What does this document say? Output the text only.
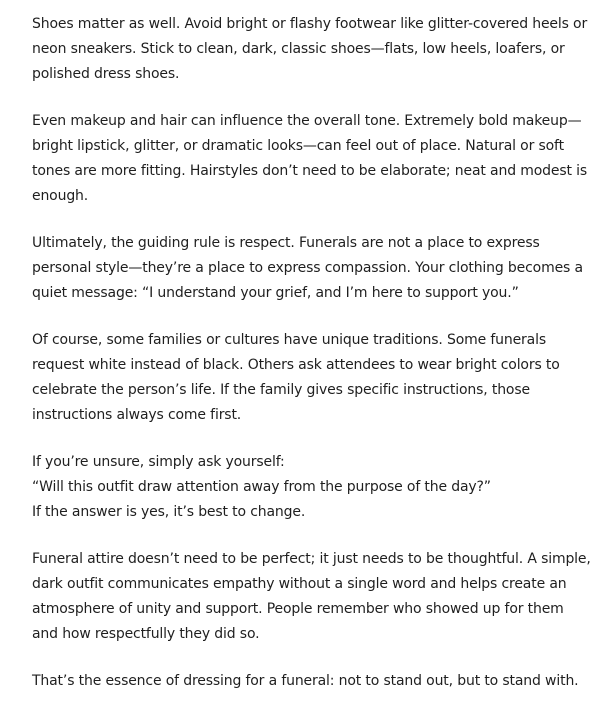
Shoes matter as well. Avoid bright or flashy footwear like glitter-covered heels or
neon sneakers. Stick to clean, dark, classic shoes—flats, low heels, loafers, or
polished dress shoes.

Even makeup and hair can influence the overall tone. Extremely bold makeup—
bright lipstick, glitter, or dramatic looks—can feel out of place. Natural or soft
tones are more fitting. Hairstyles don’t need to be elaborate; neat and modest is
enough.

Ultimately, the guiding rule is respect. Funerals are not a place to express
personal style—they’re a place to express compassion. Your clothing becomes a
quiet message: “I understand your grief, and I’m here to support you.”

Of course, some families or cultures have unique traditions. Some funerals
request white instead of black. Others ask attendees to wear bright colors to
celebrate the person’s life. If the family gives specific instructions, those
instructions always come first.

If you’re unsure, simply ask yourself:
“Will this outfit draw attention away from the purpose of the day?”
If the answer is yes, it’s best to change.

Funeral attire doesn’t need to be perfect; it just needs to be thoughtful. A simple,
dark outfit communicates empathy without a single word and helps create an
atmosphere of unity and support. People remember who showed up for them
and how respectfully they did so.

That’s the essence of dressing for a funeral: not to stand out, but to stand with.
